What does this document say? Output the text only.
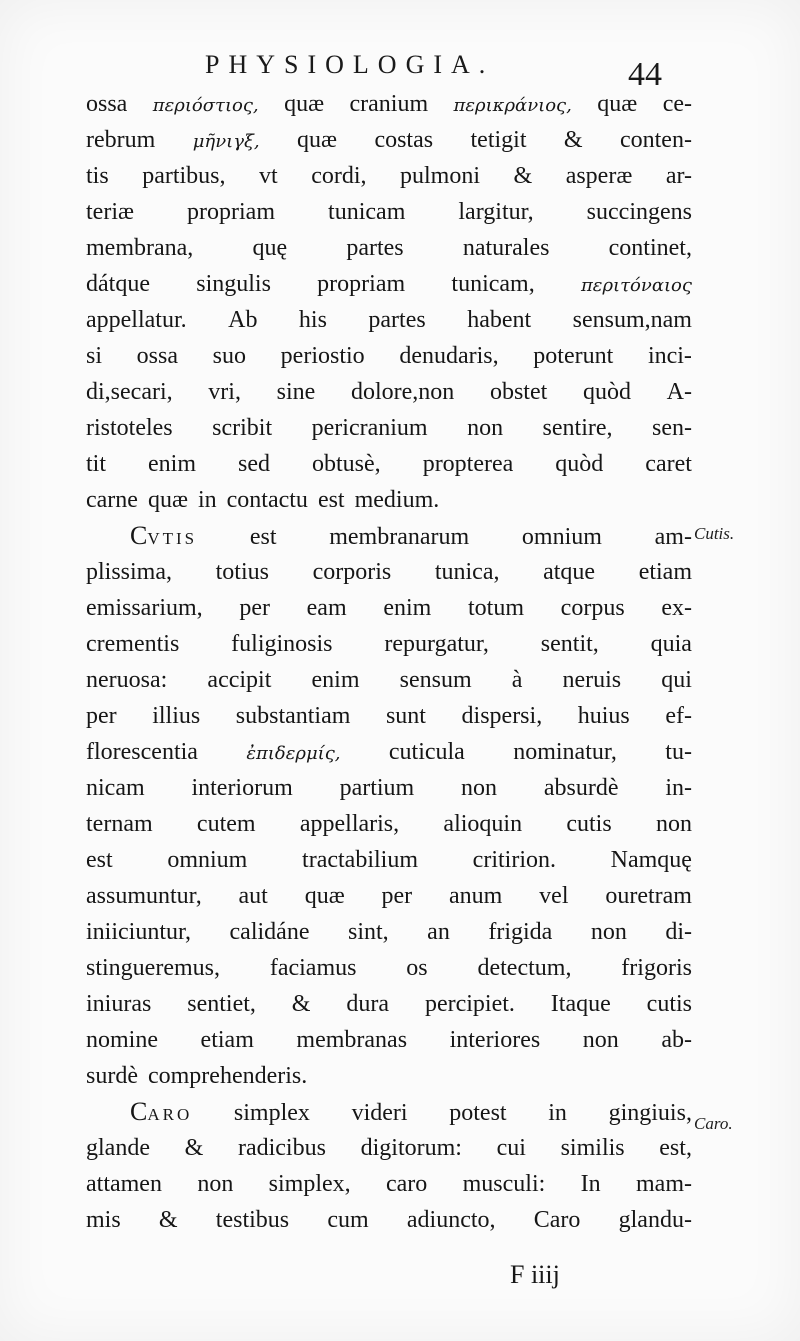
PHYSIOLOGIA.	44
ossa περιόστιος, quæ cranium περικράνιος, quæ ce-
rebrum μῆνιγξ, quæ costas tetigit & conten-
tis partibus, vt cordi, pulmoni & asperæ ar-
teriæ propriam tunicam largitur, succingens
membrana, quę partes naturales continet,
dátque singulis propriam tunicam,	περιτόναιος
appellatur. Ab his partes habent sensum,nam
si ossa suo periostio denudaris, poterunt inci-
di,secari, vri, sine dolore,non obstet quòd A-
ristoteles scribit pericranium non sentire, sen-
tit enim sed obtusè, propterea quòd caret
carne quæ in contactu est medium.
CVTIS est membranarum omnium am-
plissima, totius corporis tunica, atque etiam
emissarium, per eam enim totum corpus ex-
crementis fuliginosis repurgatur, sentit, quia
neruosa: accipit enim sensum à neruis qui
per illius substantiam sunt dispersi, huius ef-
florescentia	ἐπιδερμίς, cuticula nominatur, tu-
nicam interiorum partium non absurdè in-
ternam cutem appellaris, alioquin cutis non
est omnium tractabilium critirion. Namquę
assumuntur, aut quæ per anum vel ouretram
iniiciuntur, calidáne sint, an frigida non di-
stingueremus, faciamus os detectum, frigoris
iniuras sentiet, & dura percipiet. Itaque cutis
nomine etiam membranas interiores non ab-
surdè comprehenderis.
CARO simplex videri potest in gingiuis,
glande & radicibus digitorum: cui similis est,
attamen non simplex, caro musculi: In mam-
mis & testibus cum adiuncto, Caro glandu-
Cutis.
Caro.
F iiij
